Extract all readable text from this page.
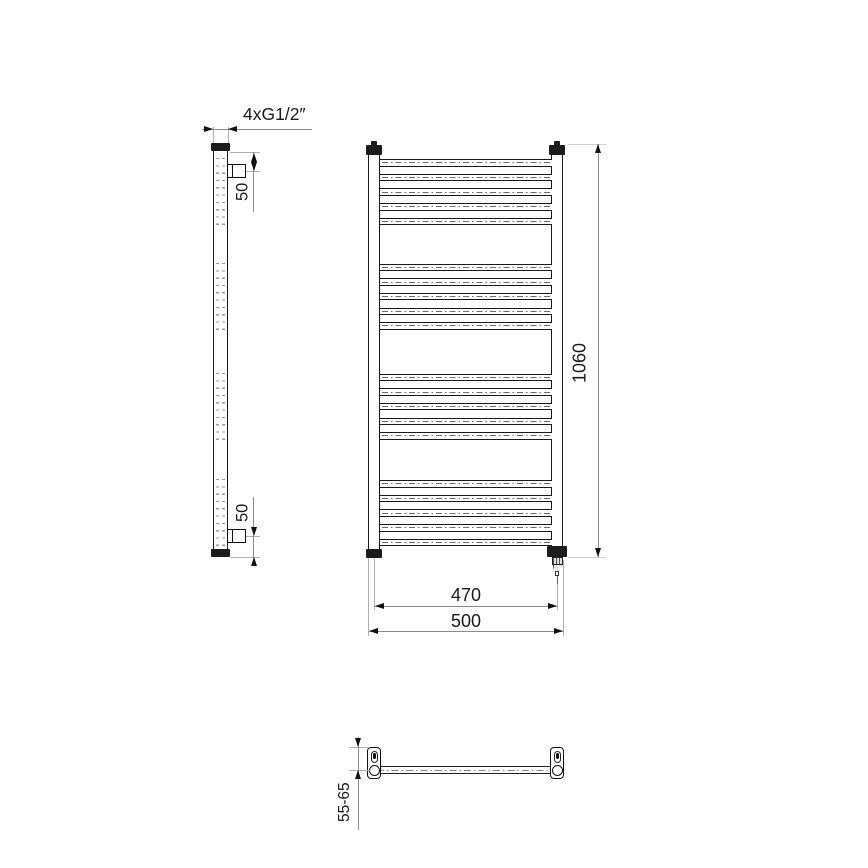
4xG1/2″
50
50
1060
470
500
55-65
